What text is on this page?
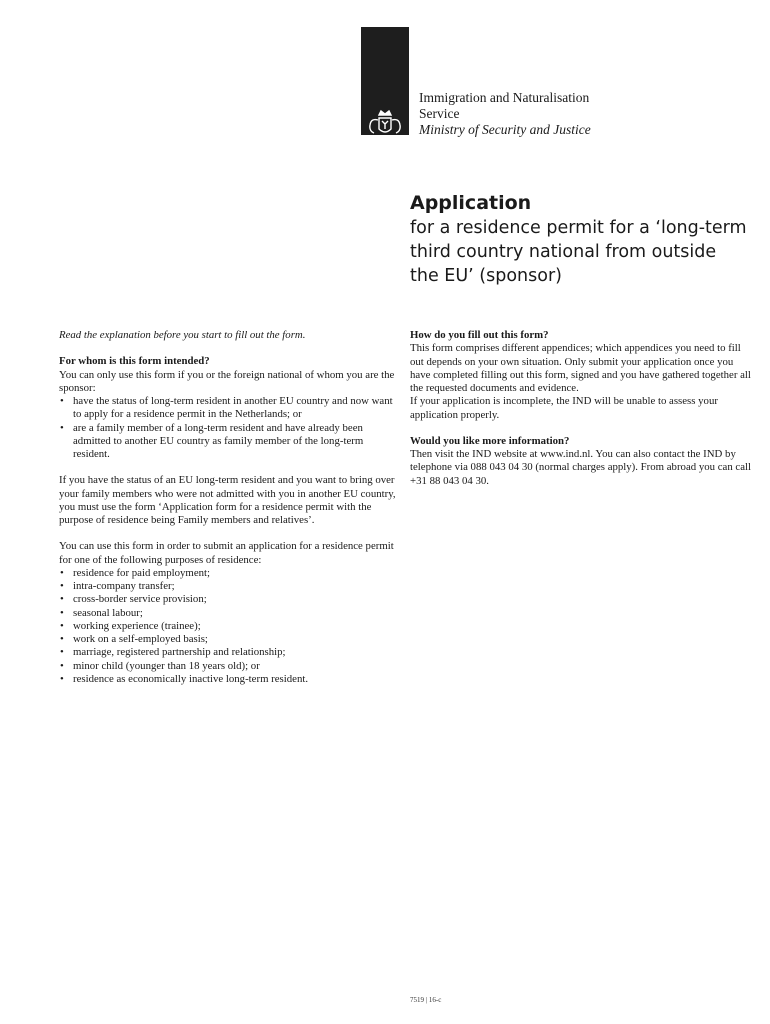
Immigration and Naturalisation
Service
Ministry of Security and Justice
Application
for a residence permit for a ‘long-term
third country national from outside
the EU’ (sponsor)

Read the explanation before you start to fill out the form.

For whom is this form intended?

You can only use this form if you or the foreign national of whom you are the sponsor:

• have the status of long-term resident in another EU country and now want to apply for a residence permit in the Netherlands; or
• are a family member of a long-term resident and have already been admitted to another EU country as family member of the long-term resident.

If you have the status of an EU long-term resident and you want to bring over your family members who were not admitted with you in another EU country, you must use the form ‘Application form for a residence permit with the purpose of residence being Family members and relatives’.

You can use this form in order to submit an application for a residence permit for one of the following purposes of residence:

• residence for paid employment;
• intra-company transfer;
• cross-border service provision;
• seasonal labour;
• working experience (trainee);
• work on a self-employed basis;
• marriage, registered partnership and relationship;
• minor child (younger than 18 years old); or
• residence as economically inactive long-term resident.

How do you fill out this form?

This form comprises different appendices; which appendices you need to fill out depends on your own situation. Only submit your application once you have completed filling out this form, signed and you have gathered together all the requested documents and evidence.

If your application is incomplete, the IND will be unable to assess your application properly.

Would you like more information?

Then visit the IND website at www.ind.nl. You can also contact the IND by telephone via 088 043 04 30 (normal charges apply). From abroad you can call +31 88 043 04 30.

7519 | 16-c
